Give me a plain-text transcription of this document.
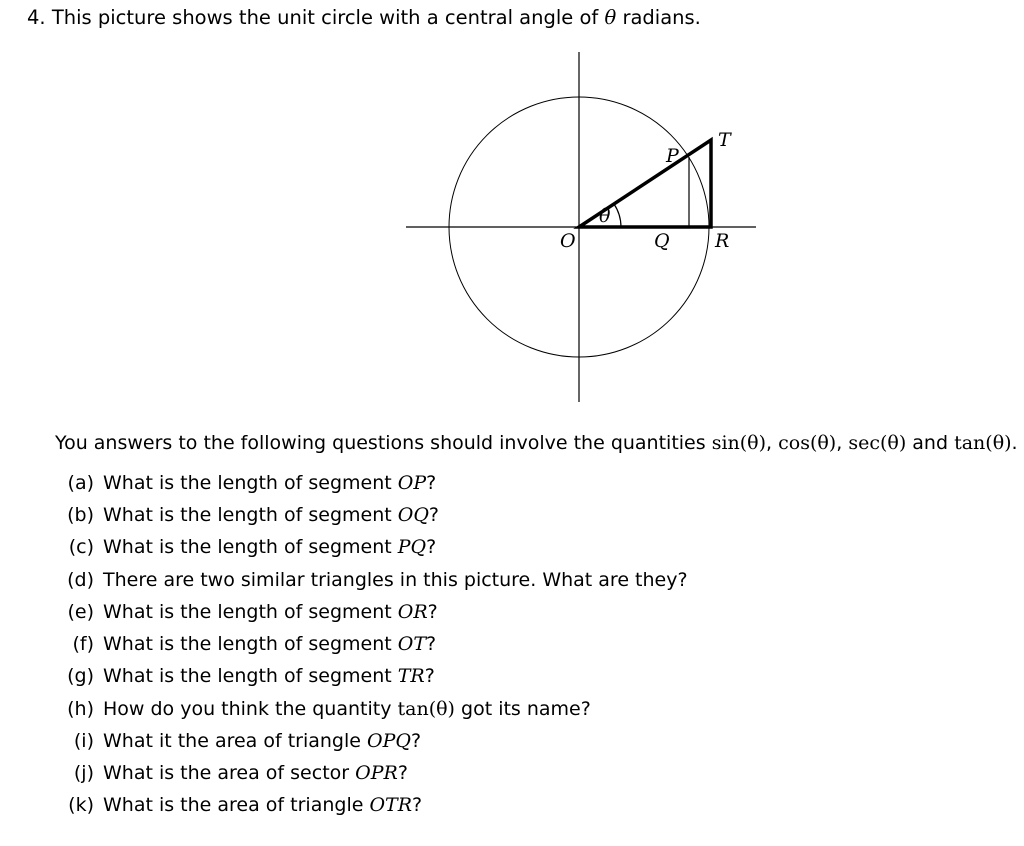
4. This picture shows the unit circle with a central angle of θ radians.
θ
O	Q R
P
T
You answers to the following questions should involve the quantities sin(θ), cos(θ), sec(θ) and tan(θ).
(a) What is the length of segment OP?
(b) What is the length of segment OQ?
(c) What is the length of segment PQ?
(d) There are two similar triangles in this picture. What are they?
(e) What is the length of segment OR?
(f) What is the length of segment OT?
(g) What is the length of segment TR?
(h) How do you think the quantity tan(θ) got its name?
(i) What it the area of triangle OPQ?
(j) What is the area of sector OPR?
(k) What is the area of triangle OTR?
